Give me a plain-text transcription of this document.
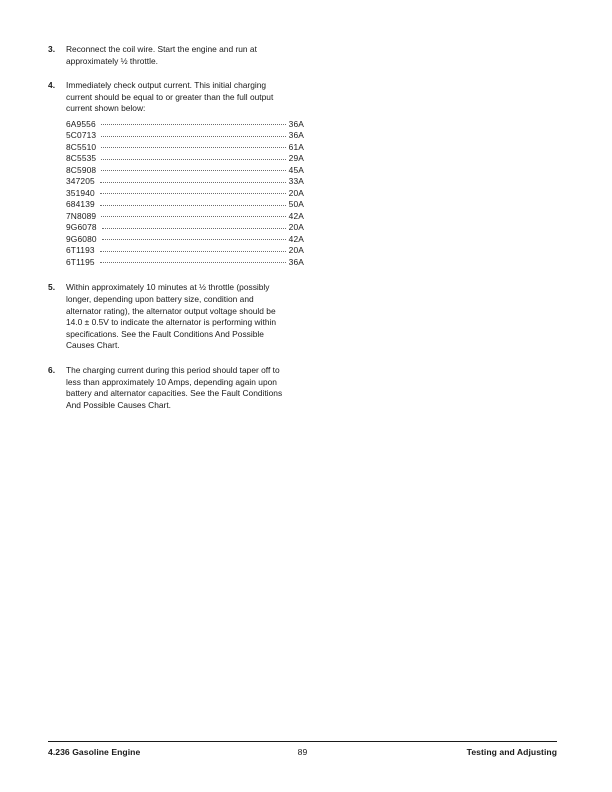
3. Reconnect the coil wire. Start the engine and run at approximately ½ throttle.
4. Immediately check output current. This initial charging current should be equal to or greater than the full output current shown below:
6A9556	36A
5C0713	36A
8C5510	61A
8C5535	29A
8C5908	45A
347205	33A
351940	20A
684139	50A
7N8089	42A
9G6078	20A
9G6080	42A
6T1193	20A
6T1195	36A
5. Within approximately 10 minutes at ½ throttle (possibly longer, depending upon battery size, condition and alternator rating), the alternator output voltage should be 14.0 ± 0.5V to indicate the alternator is performing within specifications. See the Fault Conditions And Possible Causes Chart.
6. The charging current during this period should taper off to less than approximately 10 Amps, depending again upon battery and alternator capacities. See the Fault Conditions And Possible Causes Chart.
4.236 Gasoline Engine	89	Testing and Adjusting
